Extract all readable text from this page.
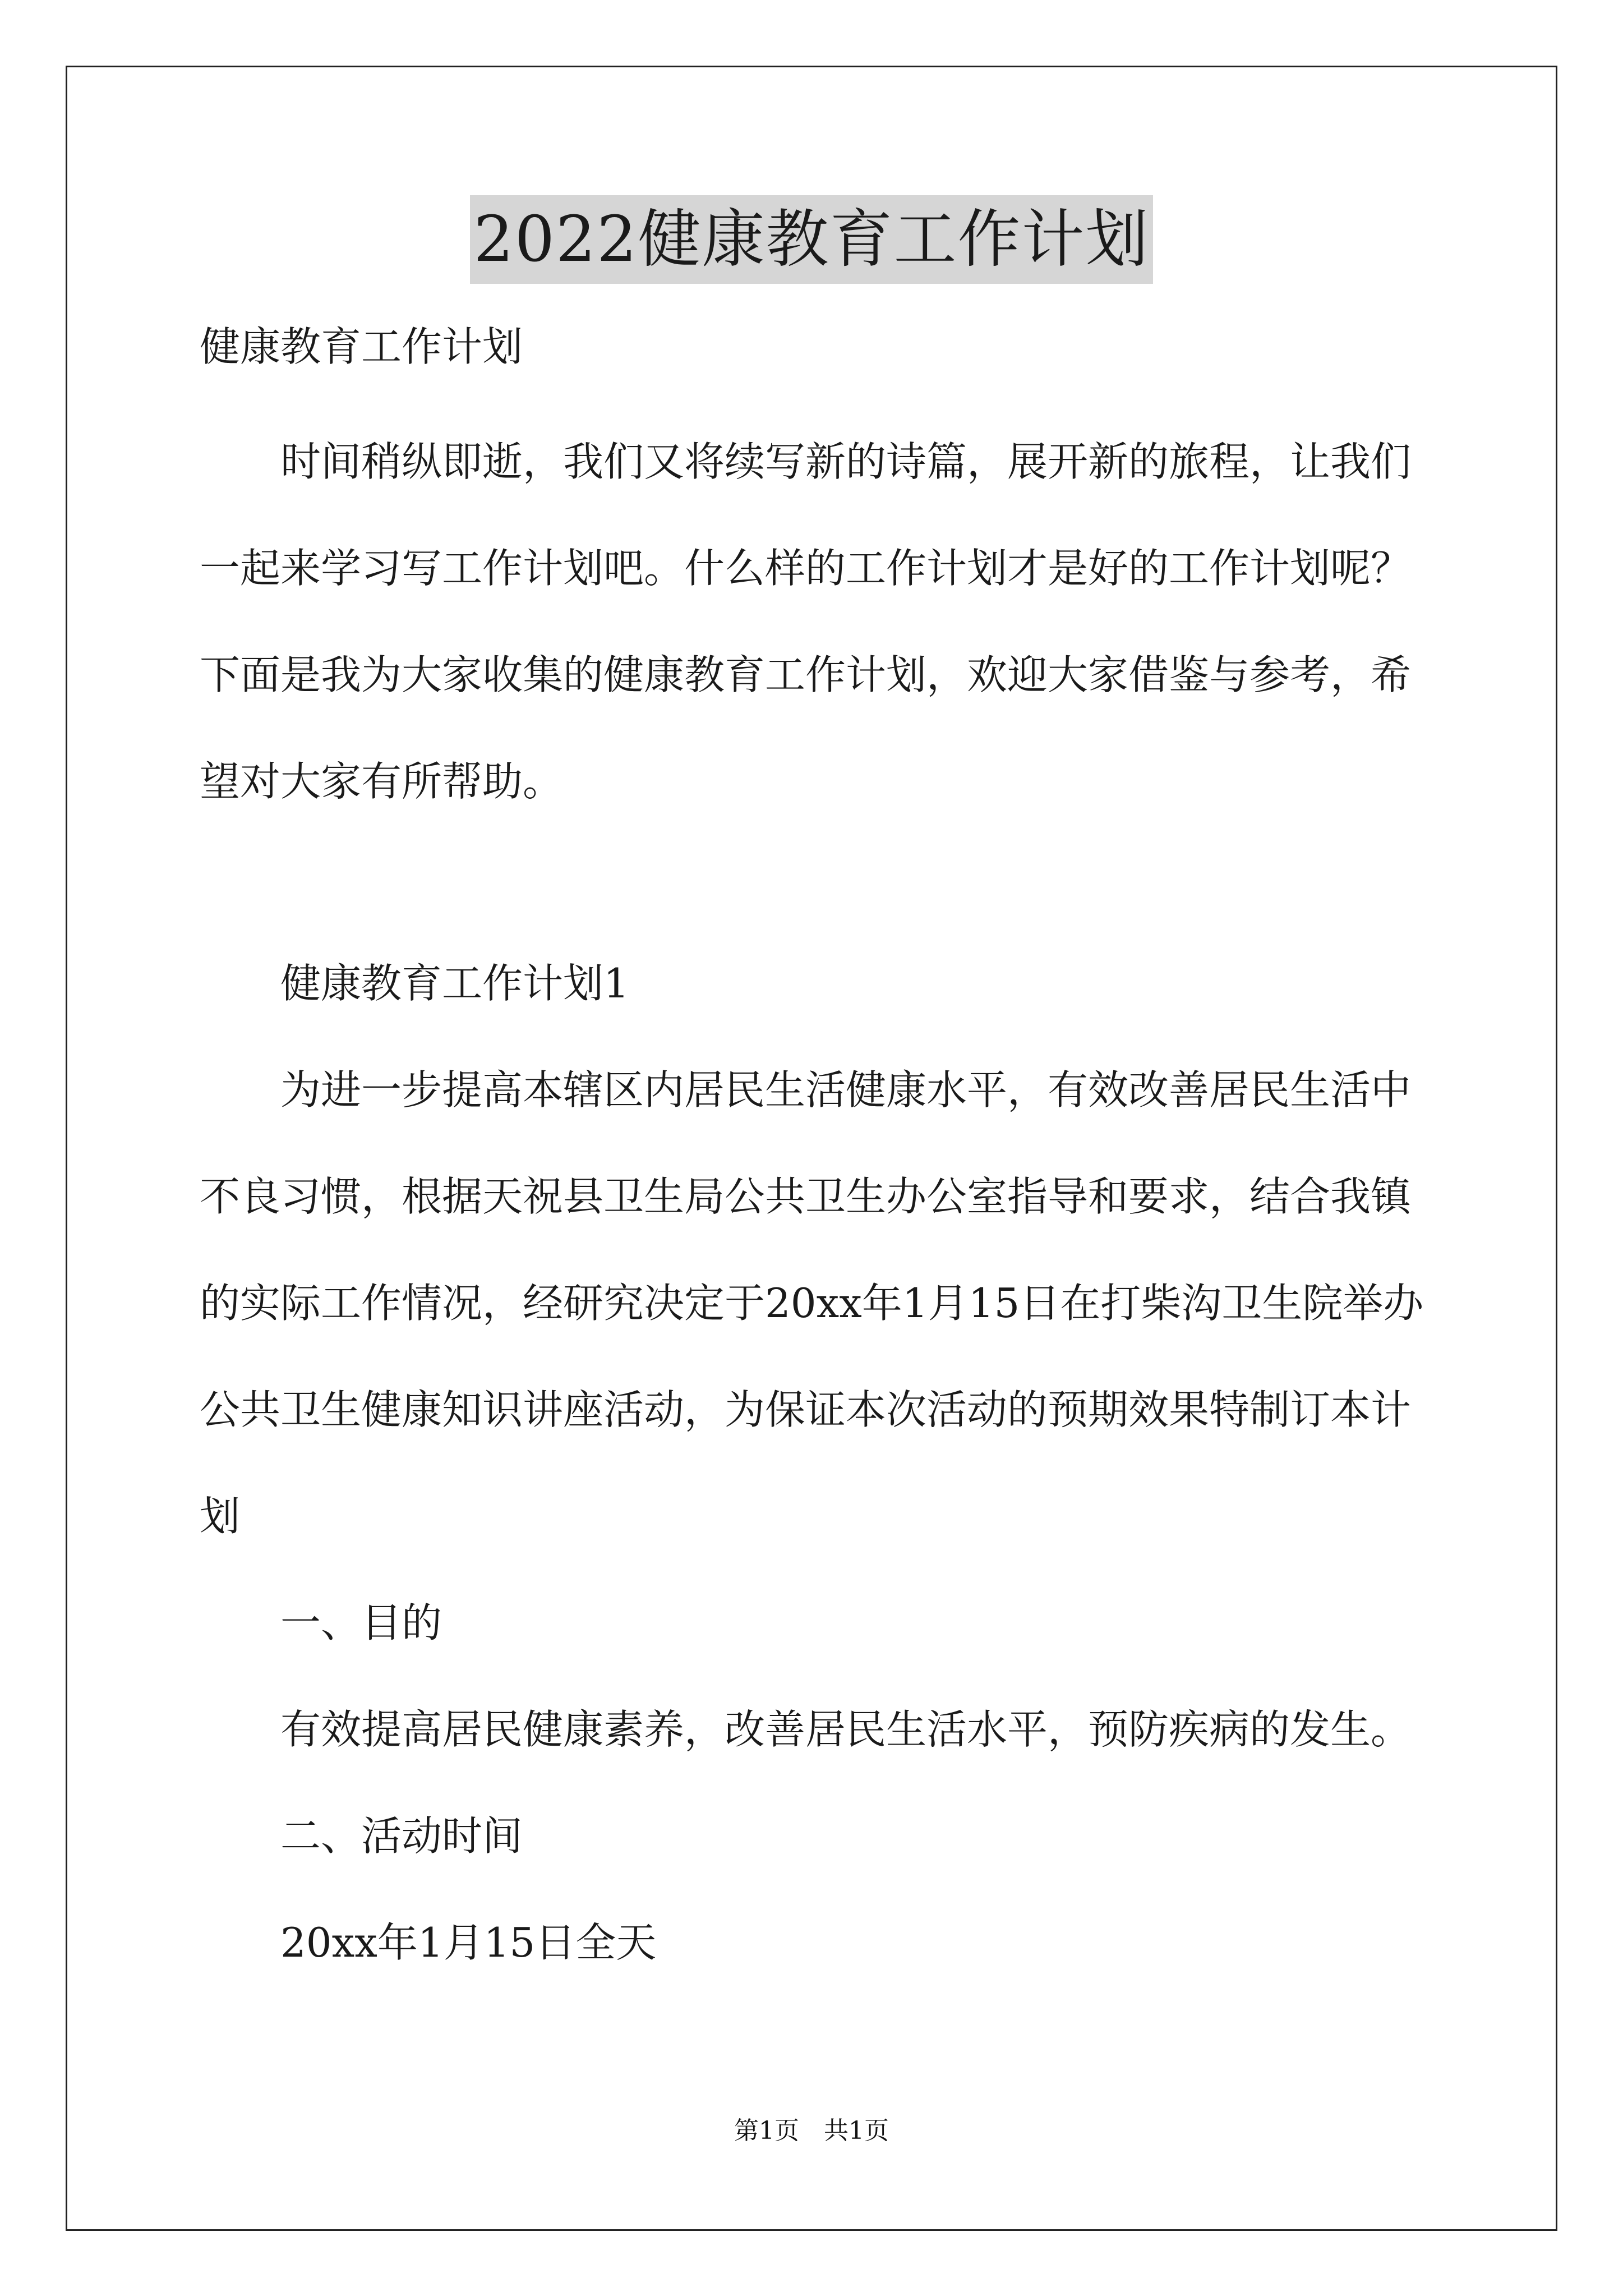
2022健康教育工作计划
健康教育工作计划
时间稍纵即逝，我们又将续写新的诗篇，展开新的旅程，让我们一起来学习写工作计划吧。什么样的工作计划才是好的工作计划呢？下面是我为大家收集的健康教育工作计划，欢迎大家借鉴与参考，希望对大家有所帮助。
健康教育工作计划1
为进一步提高本辖区内居民生活健康水平，有效改善居民生活中不良习惯，根据天祝县卫生局公共卫生办公室指导和要求，结合我镇的实际工作情况，经研究决定于20xx年1月15日在打柴沟卫生院举办公共卫生健康知识讲座活动，为保证本次活动的预期效果特制订本计划
一、目的
有效提高居民健康素养，改善居民生活水平，预防疾病的发生。
二、活动时间
20xx年1月15日全天
第1页　共1页
